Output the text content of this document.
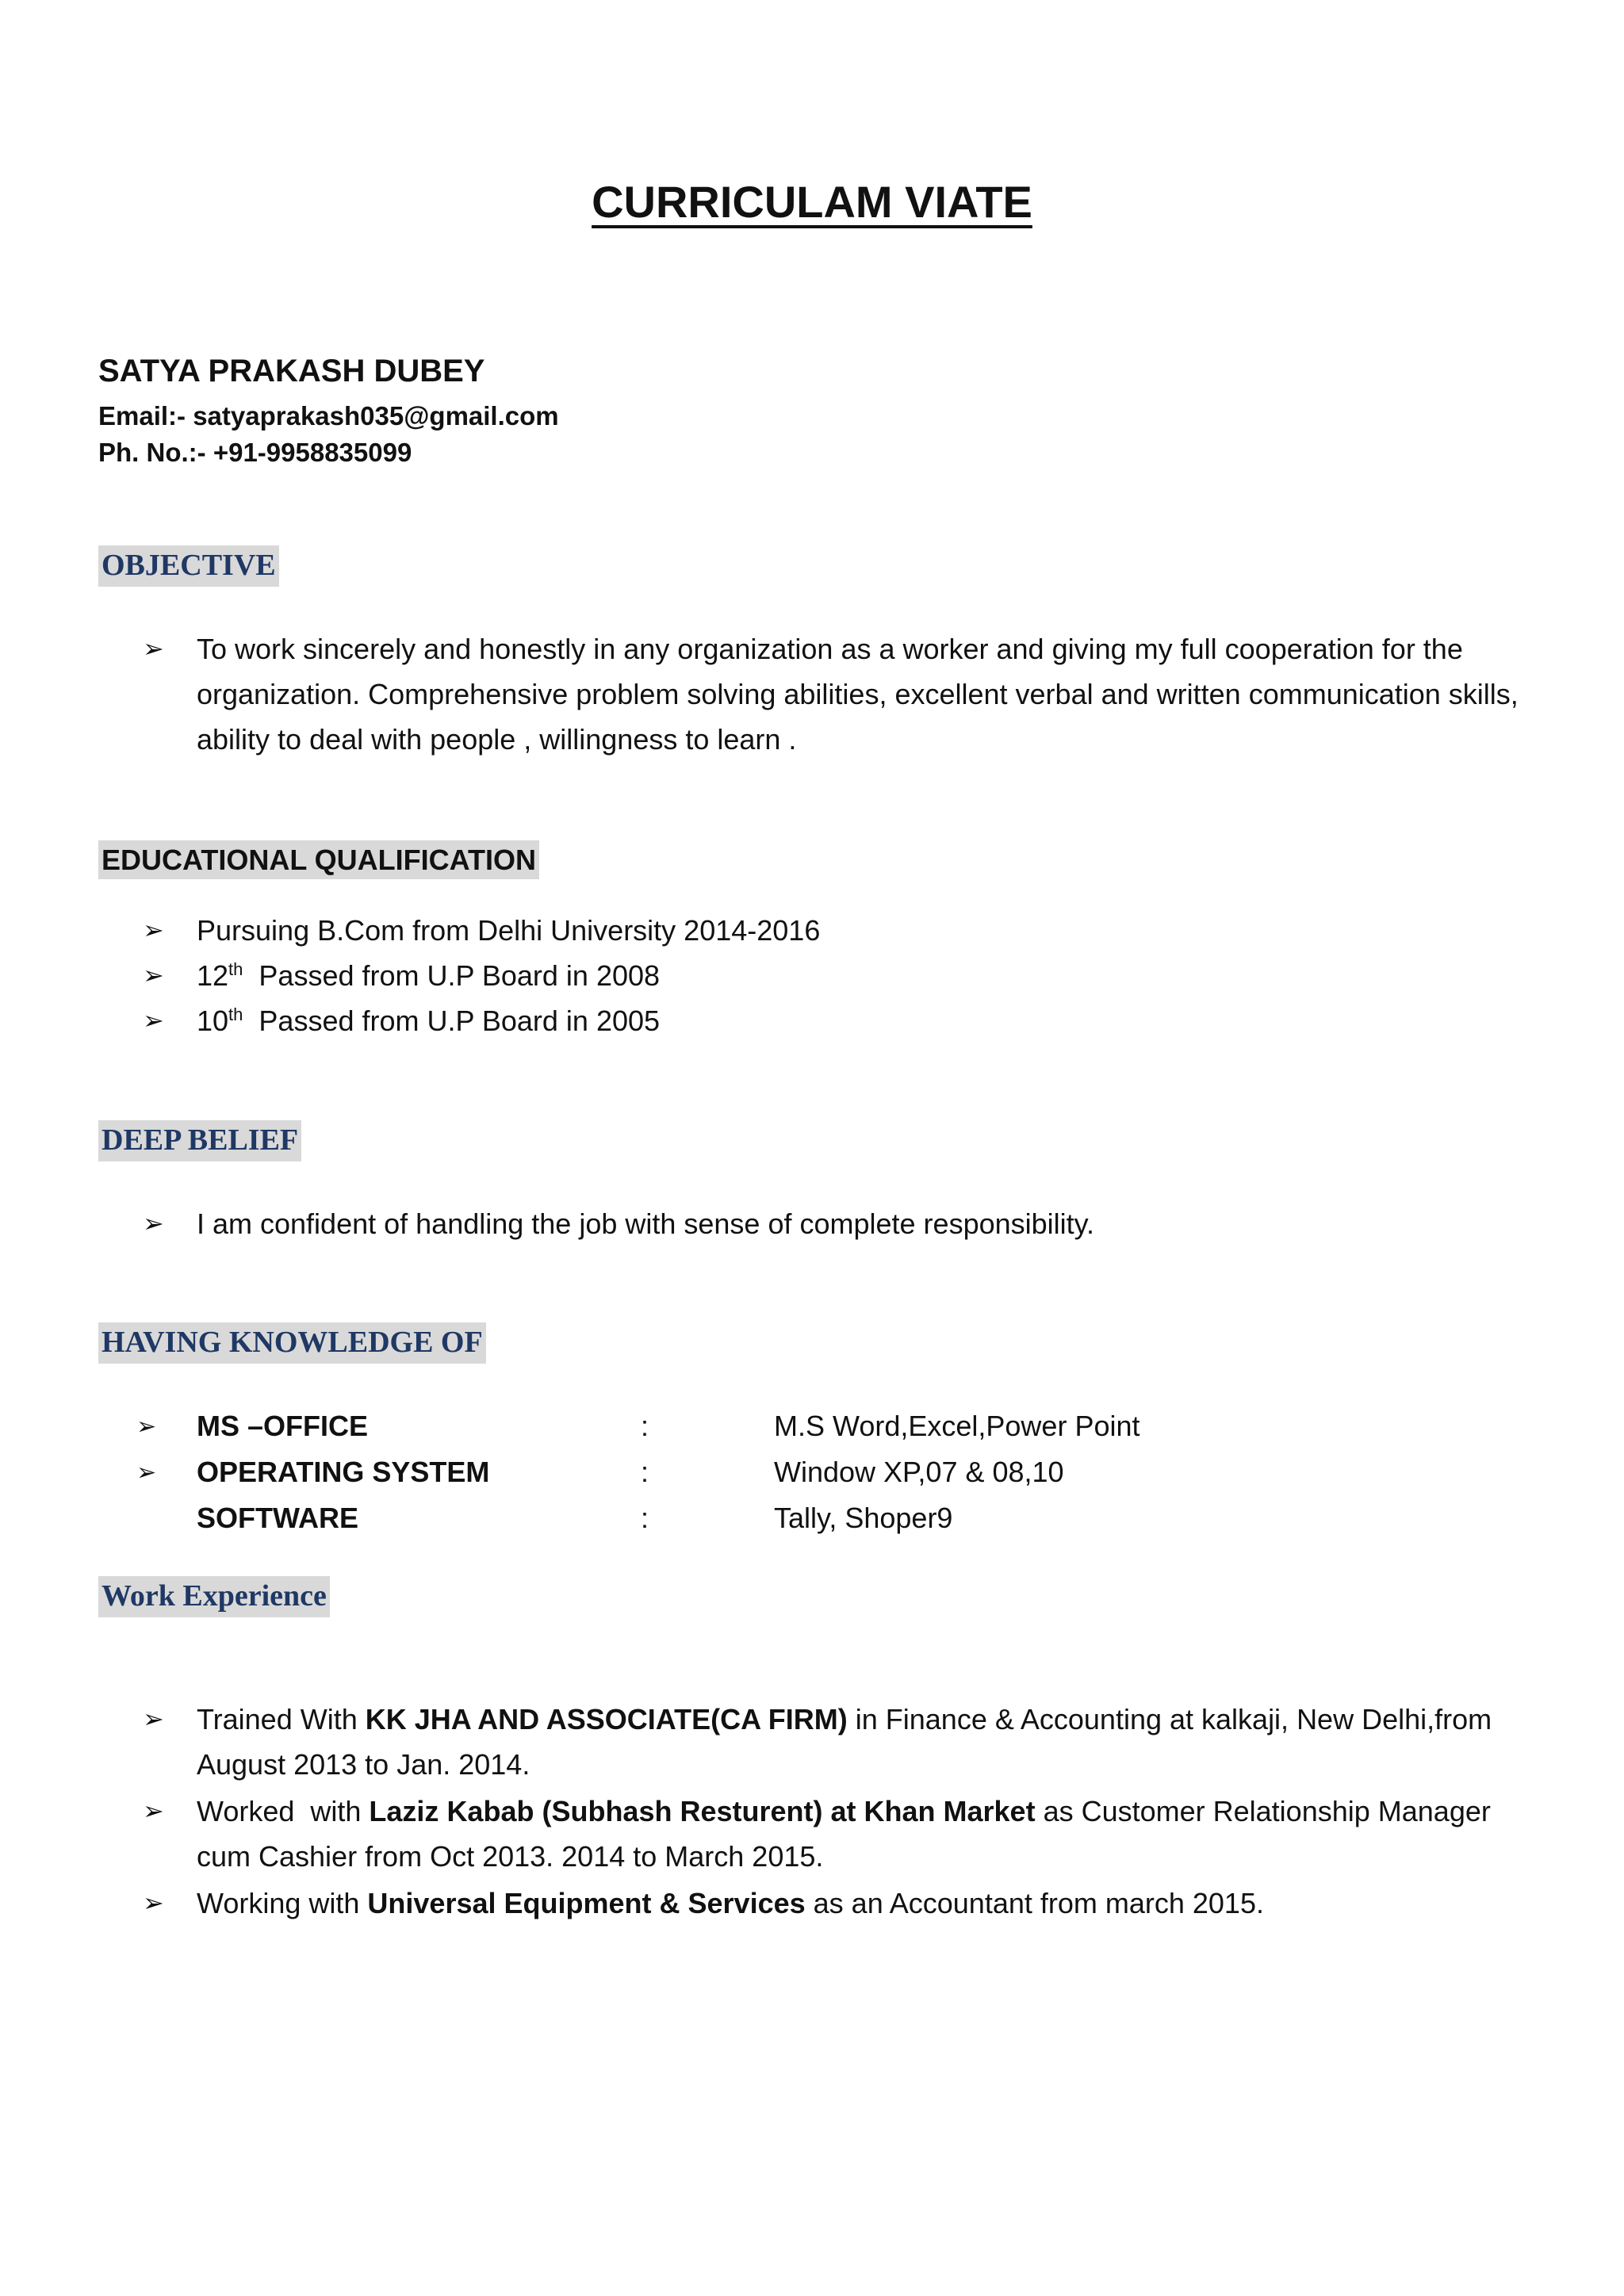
CURRICULAM VIATE
SATYA PRAKASH DUBEY

Email:- satyaprakash035@gmail.com

Ph. No.:- +91-9958835099

OBJECTIVE
➢ To work sincerely and honestly in any organization as a worker and giving my full cooperation for the organization. Comprehensive problem solving abilities, excellent verbal and written communication skills, ability to deal with people , willingness to learn .
EDUCATIONAL QUALIFICATION
➢ Pursuing B.Com from Delhi University 2014-2016
➢ 12th Passed from U.P Board in 2008
➢ 10th Passed from U.P Board in 2005
DEEP BELIEF
➢ I am confident of handling the job with sense of complete responsibility.
HAVING KNOWLEDGE OF
➢	MS –OFFICE	:	M.S Word,Excel,Power Point
➢	OPERATING SYSTEM	:	Window XP,07 & 08,10
	SOFTWARE	:	Tally, Shoper9
Work Experience
➢ Trained With KK JHA AND ASSOCIATE(CA FIRM) in Finance & Accounting at kalkaji, New Delhi,from August 2013 to Jan. 2014.
➢ Worked  with Laziz Kabab (Subhash Resturent) at Khan Market as Customer Relationship Manager cum Cashier from Oct 2013. 2014 to March 2015.
➢ Working with Universal Equipment & Services as an Accountant from march 2015.
